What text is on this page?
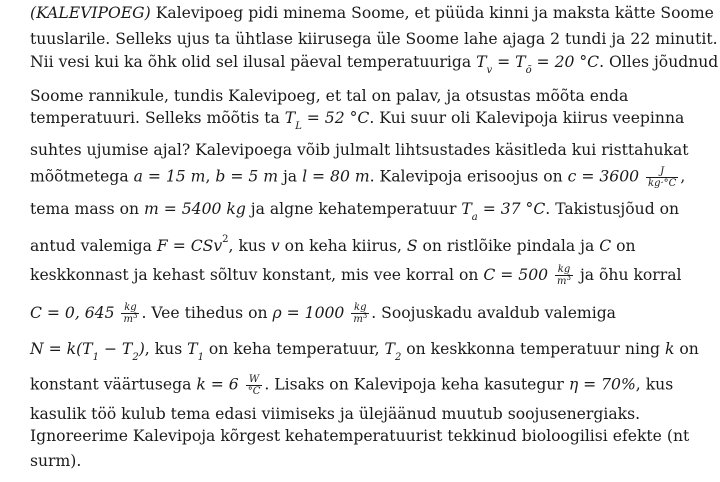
(KALEVIPOEG) Kalevipoeg pidi minema Soome, et püüda kinni ja maksta kätte Soome
tuuslarile. Selleks ujus ta ühtlase kiirusega üle Soome lahe ajaga 2 tundi ja 22 minutit.
Nii vesi kui ka õhk olid sel ilusal päeval temperatuuriga $T_v = T_õ = 20$ °C. Olles jõudnud
Soome rannikule, tundis Kalevipoeg, et tal on palav, ja otsustas mõõta enda
temperatuuri. Selleks mõõtis ta $T_L = 52$ °C. Kui suur oli Kalevipoja kiirus veepinna
suhtes ujumise ajal? Kalevipoega võib julmalt lihtsustades käsitleda kui risttahukat
mõõtmetega a = 15 m, b = 5 m ja l = 80 m. Kalevipoja erisoojus on $c = 3600 \frac{J}{kg\cdot^\circ C}$ ,
tema mass on m = 5400 kg ja algne kehatemperatuur $T_a = 37$ °C. Takistusjõud on
antud valemiga F = CSv$^2$, kus v on keha kiirus, S on ristlõike pindala ja C on
keskkonnast ja kehast sõltuv konstant, mis vee korral on $C = 500 \frac{kg}{m^3}$ ja õhu korral
C = 0, $645 \frac{kg}{m^3}$ . Vee tihedus on $\rho = 1000 \frac{kg}{m^3}$ . Soojuskadu avaldub valemiga
$N = k(T_1 - T_2)$, kus $T_1$ on keha temperatuur, $T_2$ on keskkonna temperatuur ning k on
konstant väärtusega $k = 6 \frac{W}{^\circ C}$ . Lisaks on Kalevipoja keha kasutegur η = 70%, kus
kasulik töö kulub tema edasi viimiseks ja ülejäänud muutub soojusenergiaks.
Ignoreerime Kalevipoja kõrgest kehatemperatuurist tekkinud bioloogilisi efekte (nt
surm).
